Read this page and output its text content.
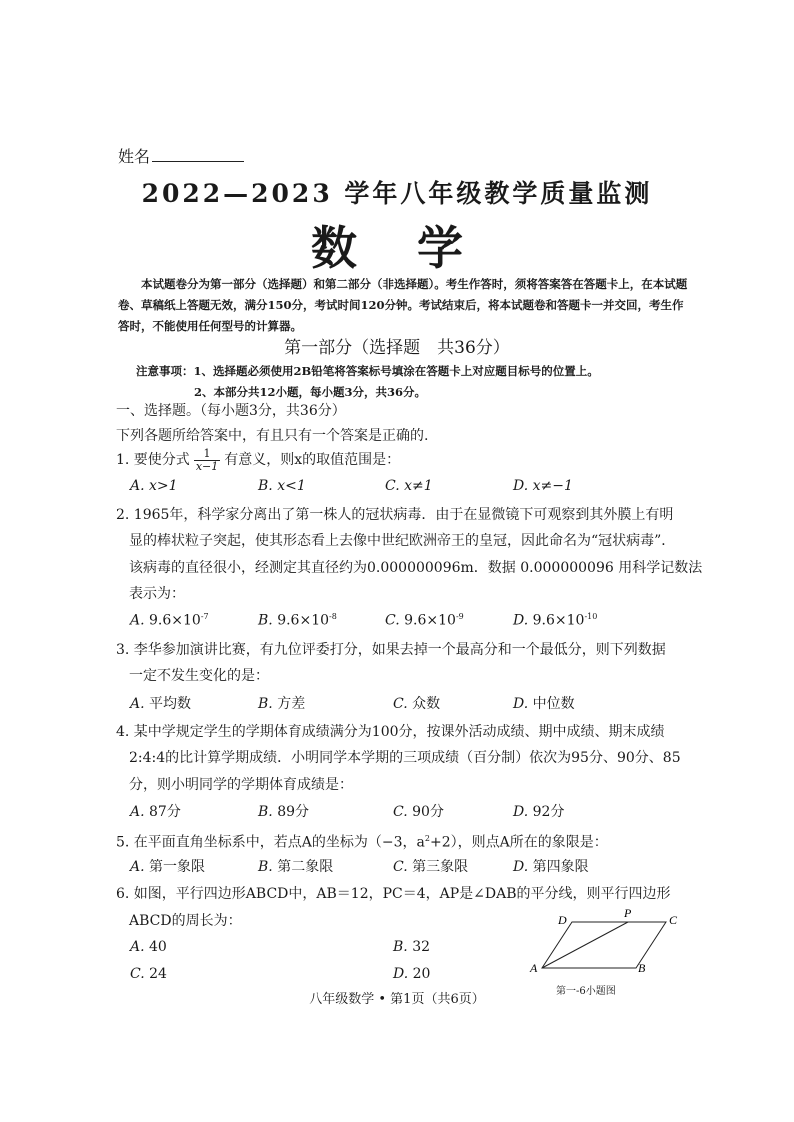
姓名
2022—2023 学年八年级教学质量监测
数学
本试题卷分为第一部分（选择题）和第二部分（非选择题）。考生作答时，须将答案答在答题卡上，在本试题卷、草稿纸上答题无效，满分150分，考试时间120分钟。考试结束后，将本试题卷和答题卡一并交回，考生作答时，不能使用任何型号的计算器。
第一部分（选择题　共36分）
注意事项：1、选择题必须使用2B铅笔将答案标号填涂在答题卡上对应题目标号的位置上。
2、本部分共12小题，每小题3分，共36分。
一、选择题。（每小题3分，共36分）
下列各题所给答案中，有且只有一个答案是正确的.
1. 要使分式 $\frac{1}{x-1}$ 有意义，则x的取值范围是：
A. x>1	B. x<1	C. x≠1	D. x≠−1
2. 1965年，科学家分离出了第一株人的冠状病毒．由于在显微镜下可观察到其外膜上有明
显的棒状粒子突起，使其形态看上去像中世纪欧洲帝王的皇冠，因此命名为“冠状病毒”．
该病毒的直径很小，经测定其直径约为0.000000096m．数据 0.000000096 用科学记数法
表示为：
A. $9.6\times 10^{-7}$	B. $9.6\times 10^{-8}$	C. $9.6\times 10^{-9}$	D. $9.6\times 10^{-10}$
3. 李华参加演讲比赛，有九位评委打分，如果去掉一个最高分和一个最低分，则下列数据
一定不发生变化的是：
A. 平均数	B. 方差	C. 众数	D. 中位数
4. 某中学规定学生的学期体育成绩满分为100分，按课外活动成绩、期中成绩、期末成绩
2:4:4的比计算学期成绩．小明同学本学期的三项成绩（百分制）依次为95分、90分、85
分，则小明同学的学期体育成绩是：
A. 87分	B. 89分	C. 90分	D. 92分
5. 在平面直角坐标系中，若点A的坐标为（−3，$a^2+2$），则点A所在的象限是：
A. 第一象限	B. 第二象限	C. 第三象限	D. 第四象限
6. 如图，平行四边形ABCD中，AB＝12，PC＝4，AP是∠DAB的平分线，则平行四边形
ABCD的周长为：
A. 40	B. 32
C. 24	D. 20	A	B
C
D	P
第一-6小题图
八年级数学 • 第1页（共6页）
